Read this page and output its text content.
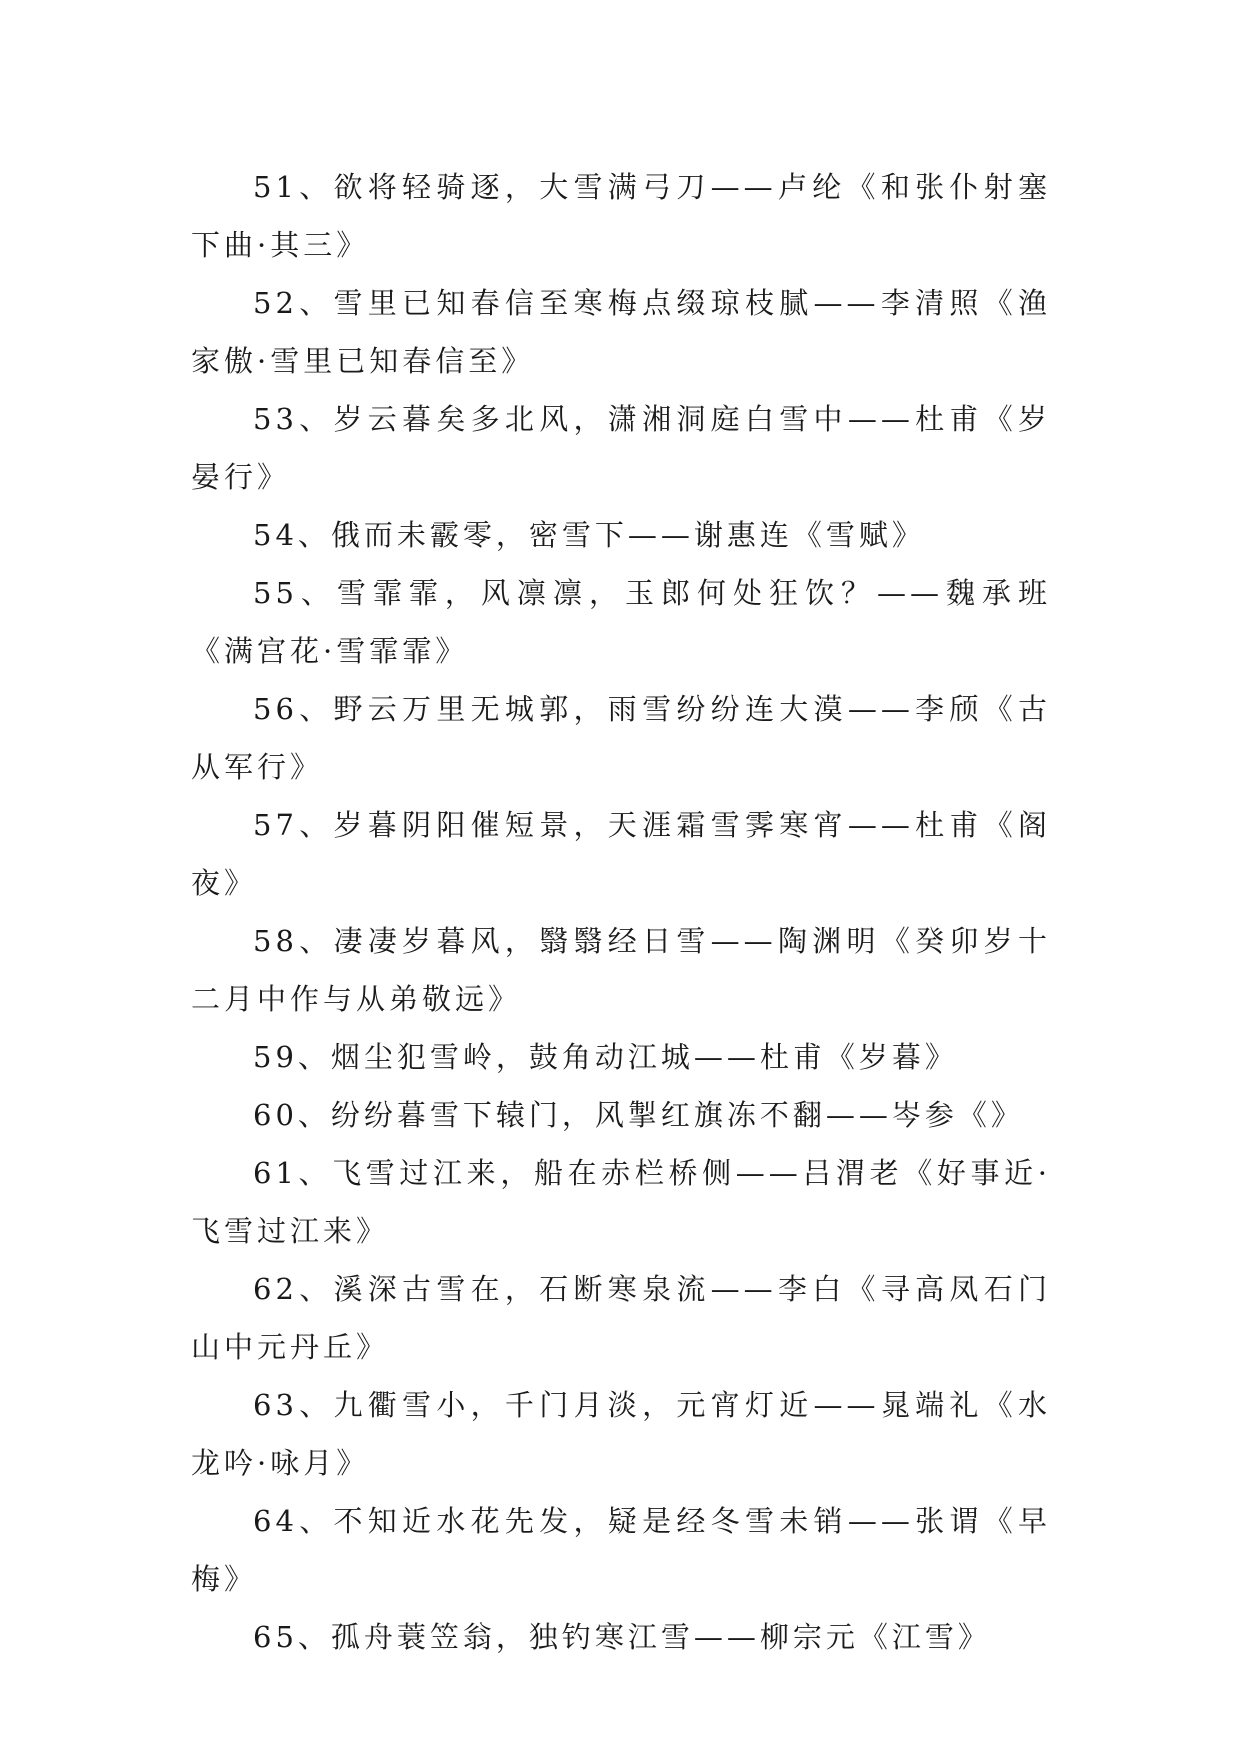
51、欲将轻骑逐，大雪满弓刀——卢纶《和张仆射塞下曲·其三》

52、雪里已知春信至寒梅点缀琼枝腻——李清照《渔家傲·雪里已知春信至》

53、岁云暮矣多北风，潇湘洞庭白雪中——杜甫《岁晏行》

54、俄而未霰零，密雪下——谢惠连《雪赋》

55、雪霏霏，风凛凛，玉郎何处狂饮？——魏承班《满宫花·雪霏霏》

56、野云万里无城郭，雨雪纷纷连大漠——李颀《古从军行》

57、岁暮阴阳催短景，天涯霜雪霁寒宵——杜甫《阁夜》

58、凄凄岁暮风，翳翳经日雪——陶渊明《癸卯岁十二月中作与从弟敬远》

59、烟尘犯雪岭，鼓角动江城——杜甫《岁暮》

60、纷纷暮雪下辕门，风掣红旗冻不翻——岑参《》

61、飞雪过江来，船在赤栏桥侧——吕渭老《好事近·飞雪过江来》

62、溪深古雪在，石断寒泉流——李白《寻高凤石门山中元丹丘》

63、九衢雪小，千门月淡，元宵灯近——晁端礼《水龙吟·咏月》

64、不知近水花先发，疑是经冬雪未销——张谓《早梅》

65、孤舟蓑笠翁，独钓寒江雪——柳宗元《江雪》
